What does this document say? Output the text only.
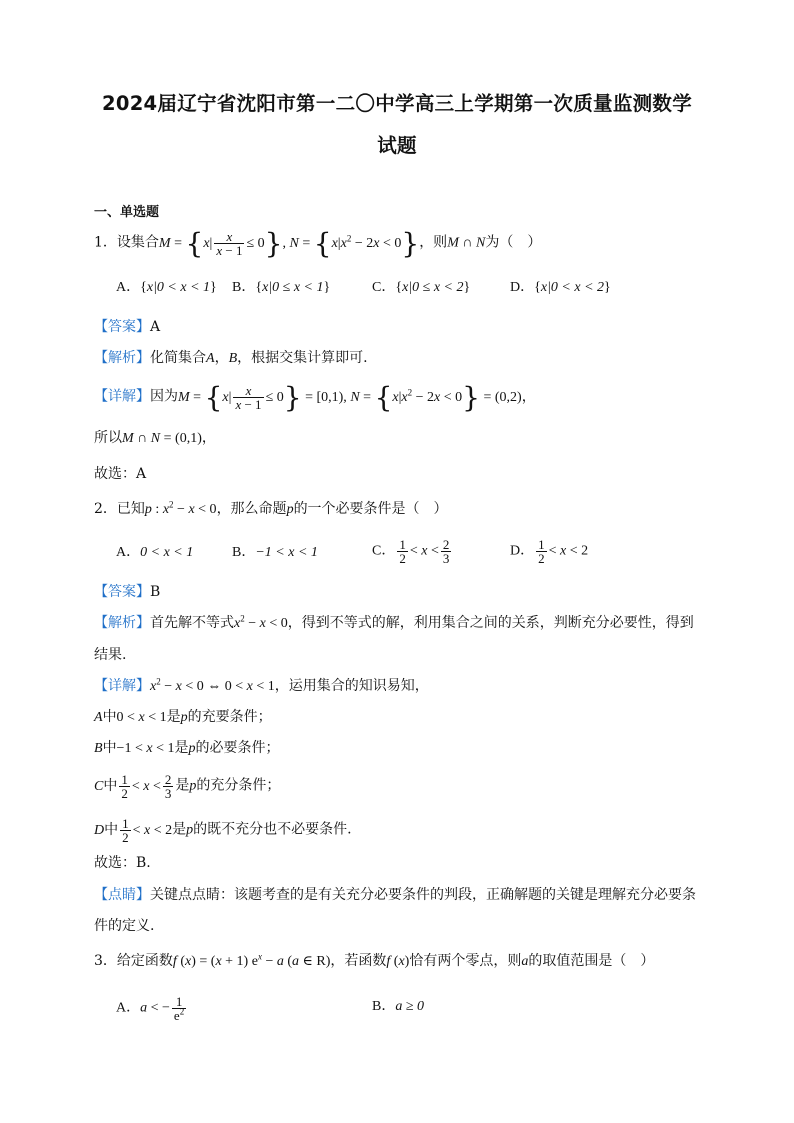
2024届辽宁省沈阳市第一二〇中学高三上学期第一次质量监测数学
试题
一、单选题
1．设集合$M = \{x| \frac{x}{x - 1} \le 0\}$, $N = \{x|x^2 - 2x < 0\}$，则M ∩ N为（　）
A．{x|0 < x < 1} B．{x|0 ≤ x < 1}	C．{x|0 ≤ x < 2}	D．{x|0 < x < 2}
【答案】A
【解析】化简集合A，B，根据交集计算即可.
【详解】因为$M = \{x| \frac{x}{x - 1} \le 0\} = [0,1)$, $N = \{x|x^2 - 2x < 0\} = (0,2)$，
所以M ∩ N = (0,1)，
故选：A
2．已知p : $x^2 - x < 0$，那么命题p的一个必要条件是（　）
A．0 < x < 1	B．−1 < x < 1	C． $\frac{1}{2} < x < \frac{2}{3}$	D． $\frac{1}{2} < x < 2$
【答案】B
【解析】首先解不等式$x^2 - x < 0$，得到不等式的解，利用集合之间的关系，判断充分必要性，得到
结果.
【详解】$x^2 - x < 0$ ⇔ 0 < x < 1，运用集合的知识易知，
A中0 < x < 1是p的充要条件；
B中−1 < x < 1是p的必要条件；
C中 $\frac{1}{2} < x < \frac{2}{3}$ 是p的充分条件；
D中 $\frac{1}{2} < x < 2$是p的既不充分也不必要条件.
故选：B.
【点睛】关键点点睛：该题考查的是有关充分必要条件的判段，正确解题的关键是理解充分必要条
件的定义.
3．给定函数f (x) = (x + 1) $e^x - a$ (a ∈ R)，若函数f (x)恰有两个零点，则a的取值范围是（　）
A．a < − $\frac{1}{e^2}$	B．a ≥ 0
